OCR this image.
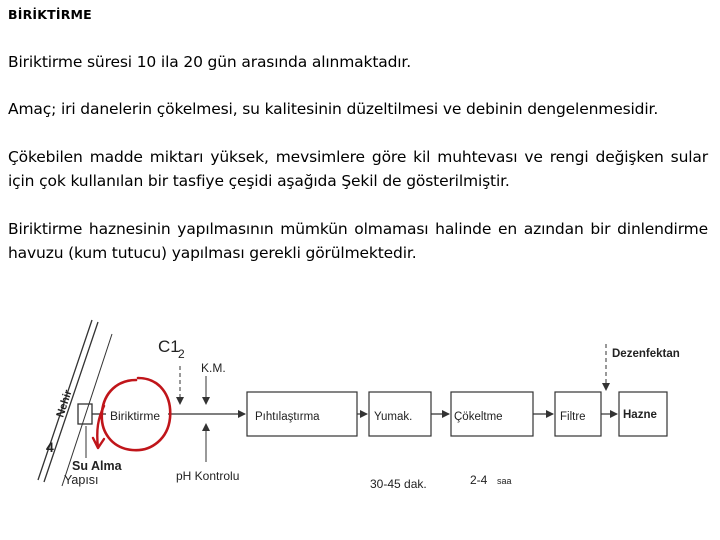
BİRİKTİRME
Biriktirme süresi 10 ila 20 gün arasında alınmaktadır.
Amaç; iri danelerin çökelmesi, su kalitesinin düzeltilmesi ve debinin dengelenmesidir.
Çökebilen madde miktarı yüksek, mevsimlere göre kil muhtevası ve rengi değişken sular için çok kullanılan bir tasfiye çeşidi aşağıda Şekil de gösterilmiştir.
Biriktirme haznesinin yapılmasının mümkün olmaması halinde en azından bir dinlendirme havuzu (kum tutucu) yapılması gerekli görülmektedir.
Nehir
4
Su Alma
Yapısı
Biriktirme
C1
2
K.M.
pH Kontrolu
Pıhtılaştırma	Yumak.	Çökeltme	Filtre	Hazne
Dezenfektan
30-45 dak.	2-4 saa
